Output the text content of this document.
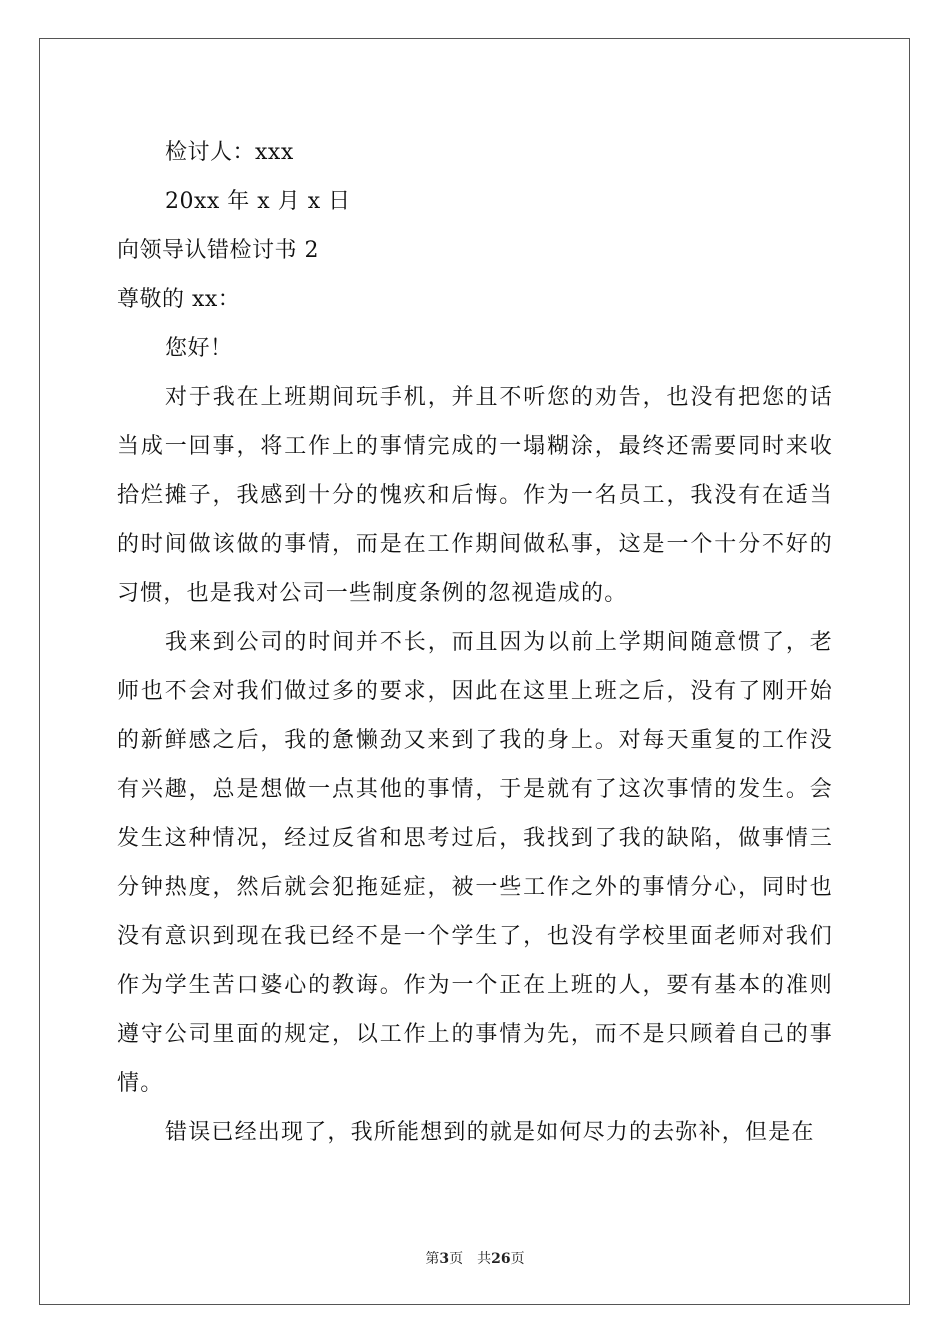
检讨人：xxx
20xx 年 x 月 x 日
向领导认错检讨书 2
尊敬的 xx：
您好！

对于我在上班期间玩手机，并且不听您的劝告，也没有把您的话当成一回事，将工作上的事情完成的一塌糊涂，最终还需要同时来收拾烂摊子，我感到十分的愧疚和后悔。作为一名员工，我没有在适当的时间做该做的事情，而是在工作期间做私事，这是一个十分不好的习惯，也是我对公司一些制度条例的忽视造成的。

我来到公司的时间并不长，而且因为以前上学期间随意惯了，老师也不会对我们做过多的要求，因此在这里上班之后，没有了刚开始的新鲜感之后，我的惫懒劲又来到了我的身上。对每天重复的工作没有兴趣，总是想做一点其他的事情，于是就有了这次事情的发生。会发生这种情况，经过反省和思考过后，我找到了我的缺陷，做事情三分钟热度，然后就会犯拖延症，被一些工作之外的事情分心，同时也没有意识到现在我已经不是一个学生了，也没有学校里面老师对我们作为学生苦口婆心的教诲。作为一个正在上班的人，要有基本的准则遵守公司里面的规定，以工作上的事情为先，而不是只顾着自己的事情。

错误已经出现了，我所能想到的就是如何尽力的去弥补，但是在

第3页　共26页
